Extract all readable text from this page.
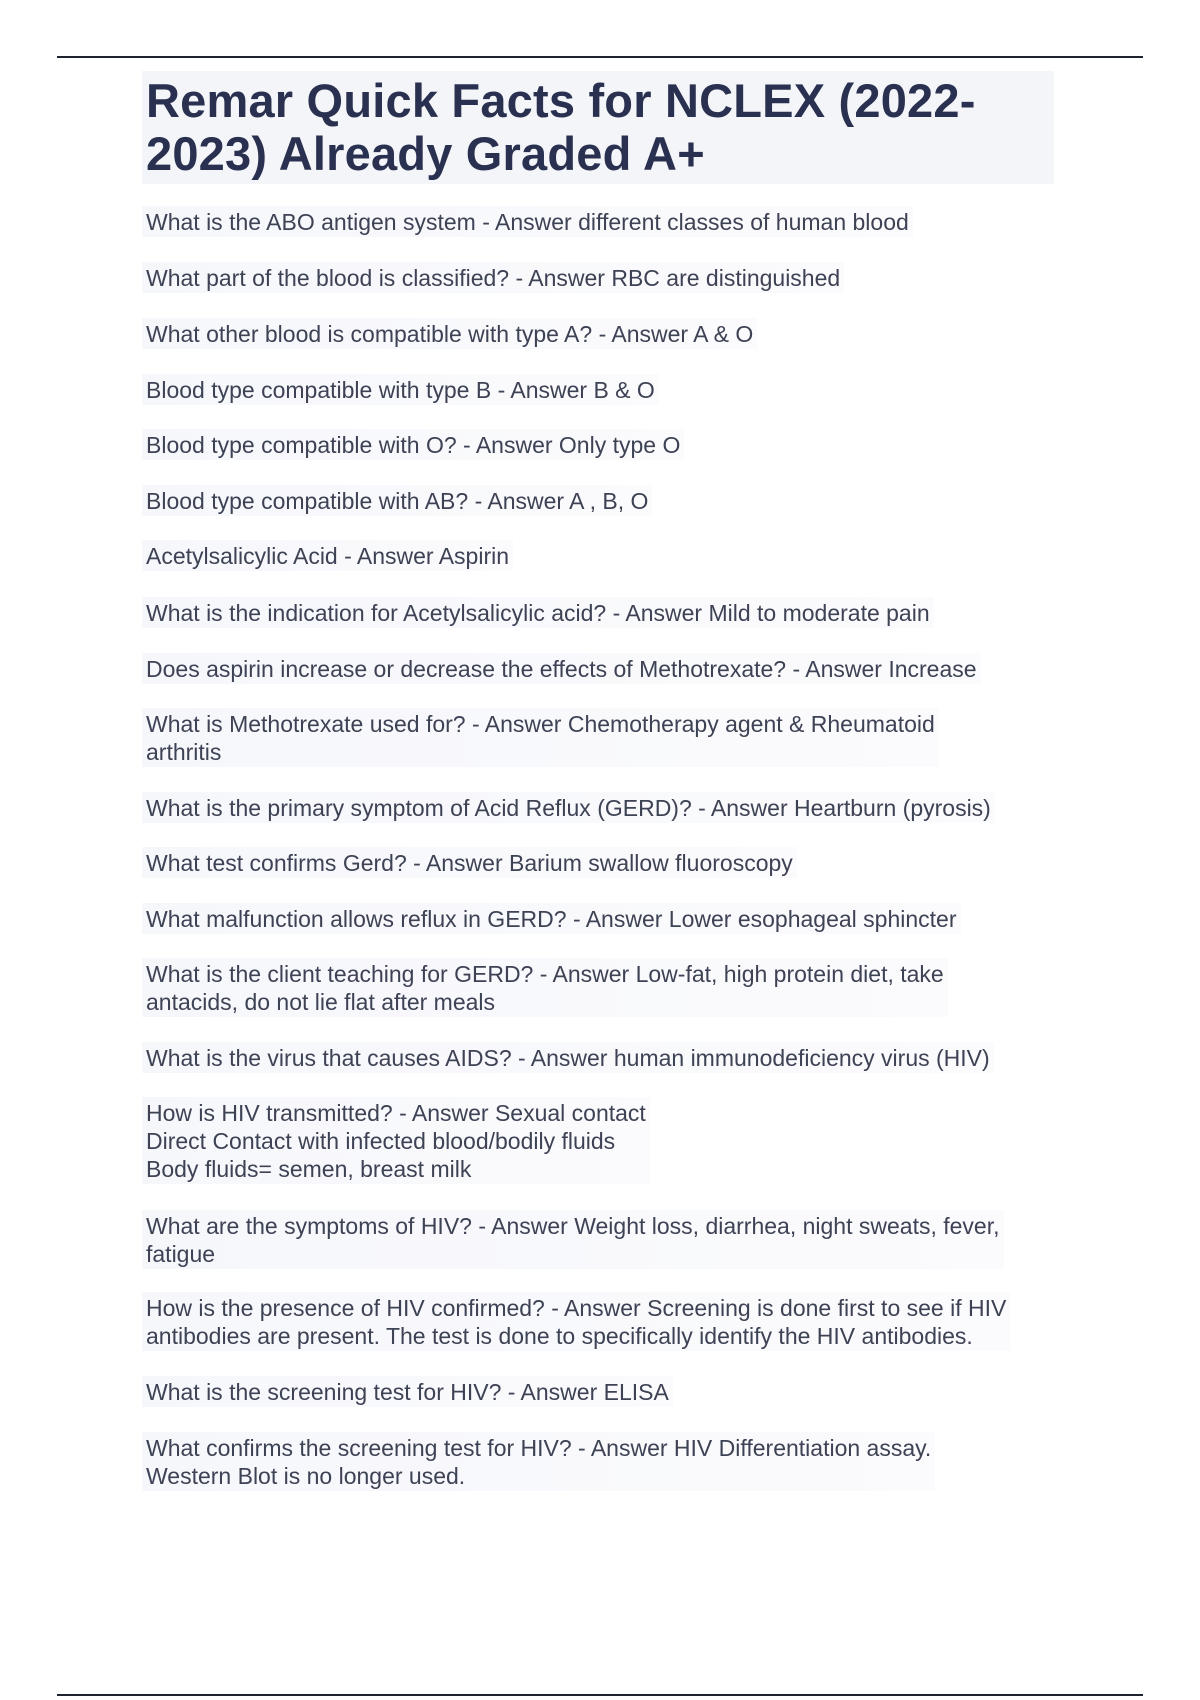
Remar Quick Facts for NCLEX (2022-
2023) Already Graded A+
What is the ABO antigen system - Answer different classes of human blood
What part of the blood is classified? - Answer RBC are distinguished
What other blood is compatible with type A? - Answer A & O
Blood type compatible with type B - Answer B & O
Blood type compatible with O? - Answer Only type O
Blood type compatible with AB? - Answer A , B, O
Acetylsalicylic Acid - Answer Aspirin
What is the indication for Acetylsalicylic acid? - Answer Mild to moderate pain
Does aspirin increase or decrease the effects of Methotrexate? - Answer Increase
What is Methotrexate used for? - Answer Chemotherapy agent & Rheumatoid
arthritis
What is the primary symptom of Acid Reflux (GERD)? - Answer Heartburn (pyrosis)
What test confirms Gerd? - Answer Barium swallow fluoroscopy
What malfunction allows reflux in GERD? - Answer Lower esophageal sphincter
What is the client teaching for GERD? - Answer Low-fat, high protein diet, take
antacids, do not lie flat after meals
What is the virus that causes AIDS? - Answer human immunodeficiency virus (HIV)
How is HIV transmitted? - Answer Sexual contact
Direct Contact with infected blood/bodily fluids
Body fluids= semen, breast milk
What are the symptoms of HIV? - Answer Weight loss, diarrhea, night sweats, fever,
fatigue
How is the presence of HIV confirmed? - Answer Screening is done first to see if HIV
antibodies are present. The test is done to specifically identify the HIV antibodies.
What is the screening test for HIV? - Answer ELISA
What confirms the screening test for HIV? - Answer HIV Differentiation assay.
Western Blot is no longer used.
